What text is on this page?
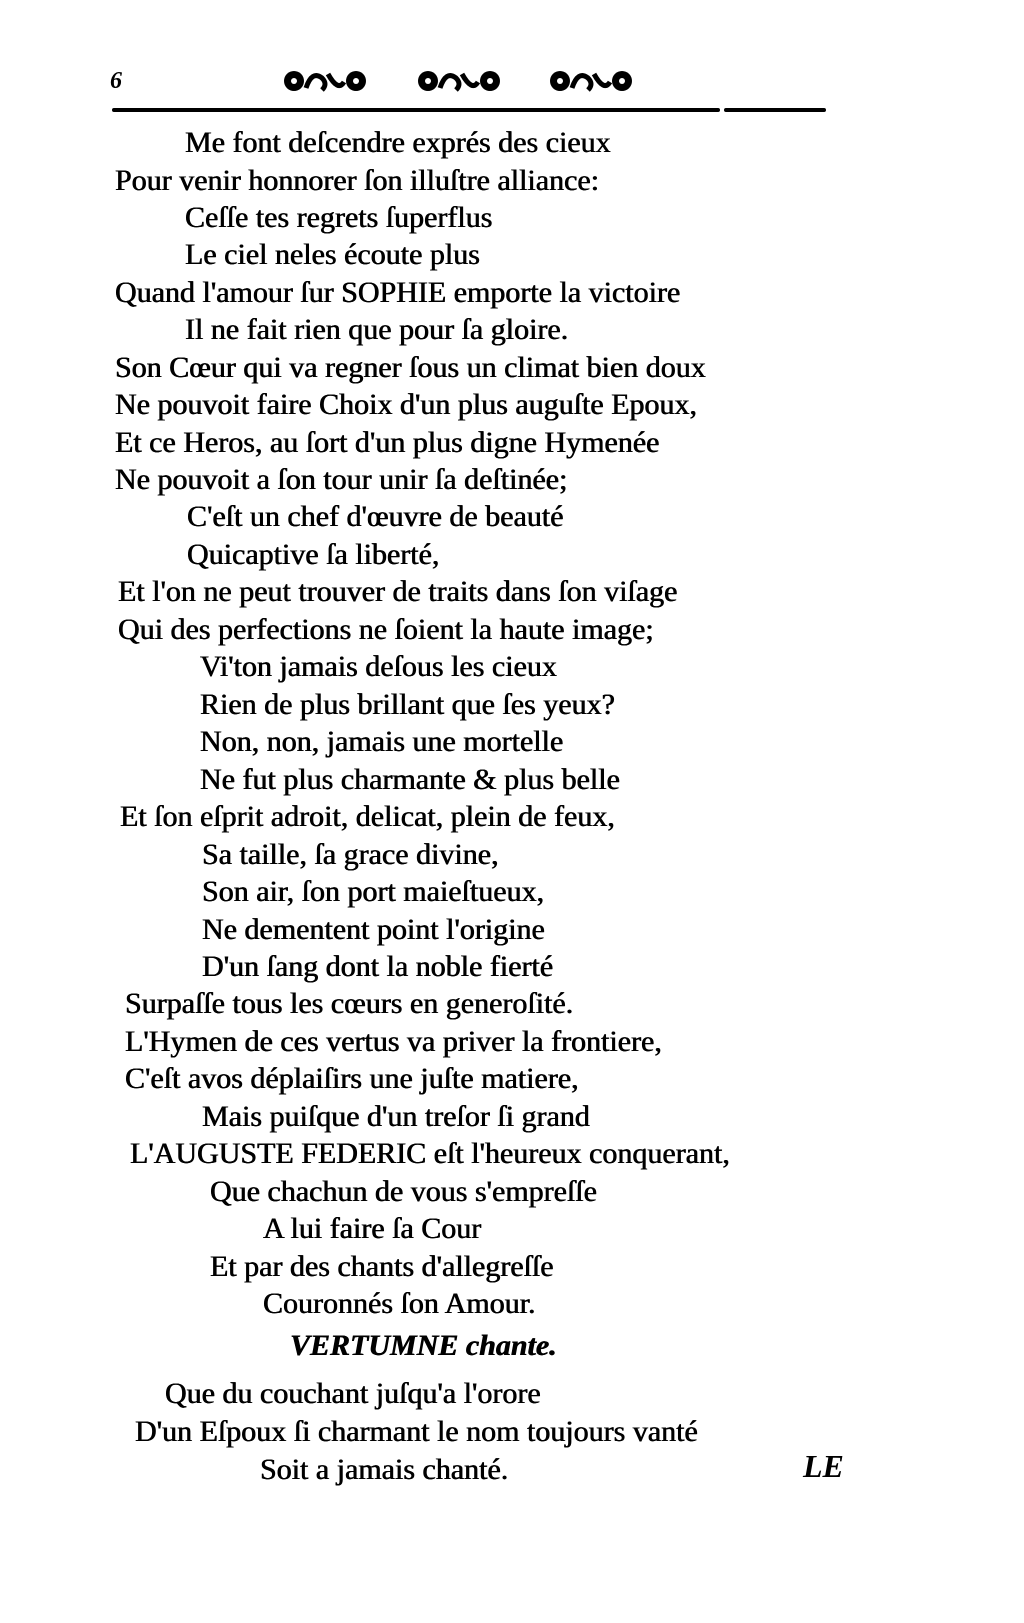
6
Me font deſcendre exprés des cieux
Pour venir honnorer ſon illuſtre alliance:
Ceſſe tes regrets ſuperflus
Le ciel neles écoute plus
Quand l'amour ſur SOPHIE emporte la victoire
Il ne fait rien que pour ſa gloire.
Son Cœur qui va regner ſous un climat bien doux
Ne pouvoit faire Choix d'un plus auguſte Epoux,
Et ce Heros, au ſort d'un plus digne Hymenée
Ne pouvoit a ſon tour unir ſa deſtinée;
C'eſt un chef d'œuvre de beauté
Quicaptive ſa liberté,
Et l'on ne peut trouver de traits dans ſon viſage
Qui des perfections ne ſoient la haute image;
Vi'ton jamais deſous les cieux
Rien de plus brillant que ſes yeux?
Non, non, jamais une mortelle
Ne fut plus charmante & plus belle
Et ſon eſprit adroit, delicat, plein de feux,
Sa taille, ſa grace divine,
Son air, ſon port maieſtueux,
Ne dementent point l'origine
D'un ſang dont la noble fierté
Surpaſſe tous les cœurs en generoſité.
L'Hymen de ces vertus va priver la frontiere,
C'eſt avos déplaiſirs une juſte matiere,
Mais puiſque d'un treſor ſi grand
L'AUGUSTE FEDERIC eſt l'heureux conquerant,
Que chachun de vous s'empreſſe
A lui faire ſa Cour
Et par des chants d'allegreſſe
Couronnés ſon Amour.
VERTUMNE chante.
Que du couchant juſqu'a l'orore
D'un Eſpoux ſi charmant le nom toujours vanté
Soit a jamais chanté.	LE
